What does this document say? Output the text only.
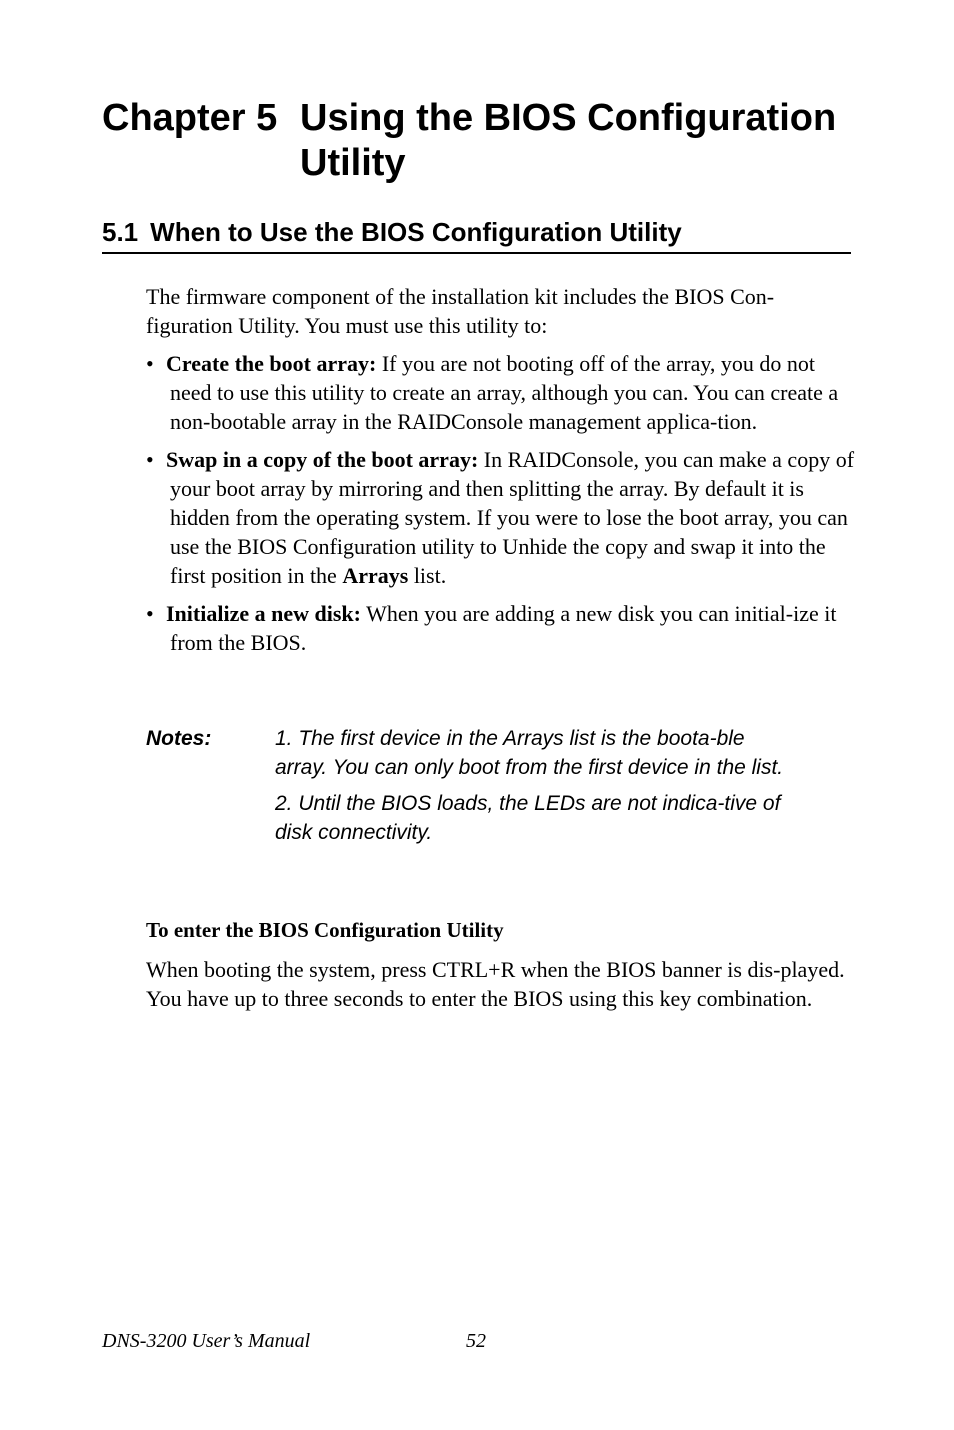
Chapter 5 Using the BIOS Configuration Utility
5.1 When to Use the BIOS Configuration Utility

The firmware component of the installation kit includes the BIOS Con-figuration Utility. You must use this utility to:

• Create the boot array: If you are not booting off of the array, you do not need to use this utility to create an array, although you can. You can create a non-bootable array in the RAIDConsole management applica-tion.
• Swap in a copy of the boot array: In RAIDConsole, you can make a copy of your boot array by mirroring and then splitting the array. By default it is hidden from the operating system. If you were to lose the boot array, you can use the BIOS Configuration utility to Unhide the copy and swap it into the first position in the Arrays list.
• Initialize a new disk: When you are adding a new disk you can initial-ize it from the BIOS.
Notes:	1. The first device in the Arrays list is the boota-ble array. You can only boot from the first device in the list.
2. Until the BIOS loads, the LEDs are not indica-tive of disk connectivity.
To enter the BIOS Configuration Utility

When booting the system, press CTRL+R when the BIOS banner is dis-played. You have up to three seconds to enter the BIOS using this key combination.

DNS-3200 User’s Manual	52
